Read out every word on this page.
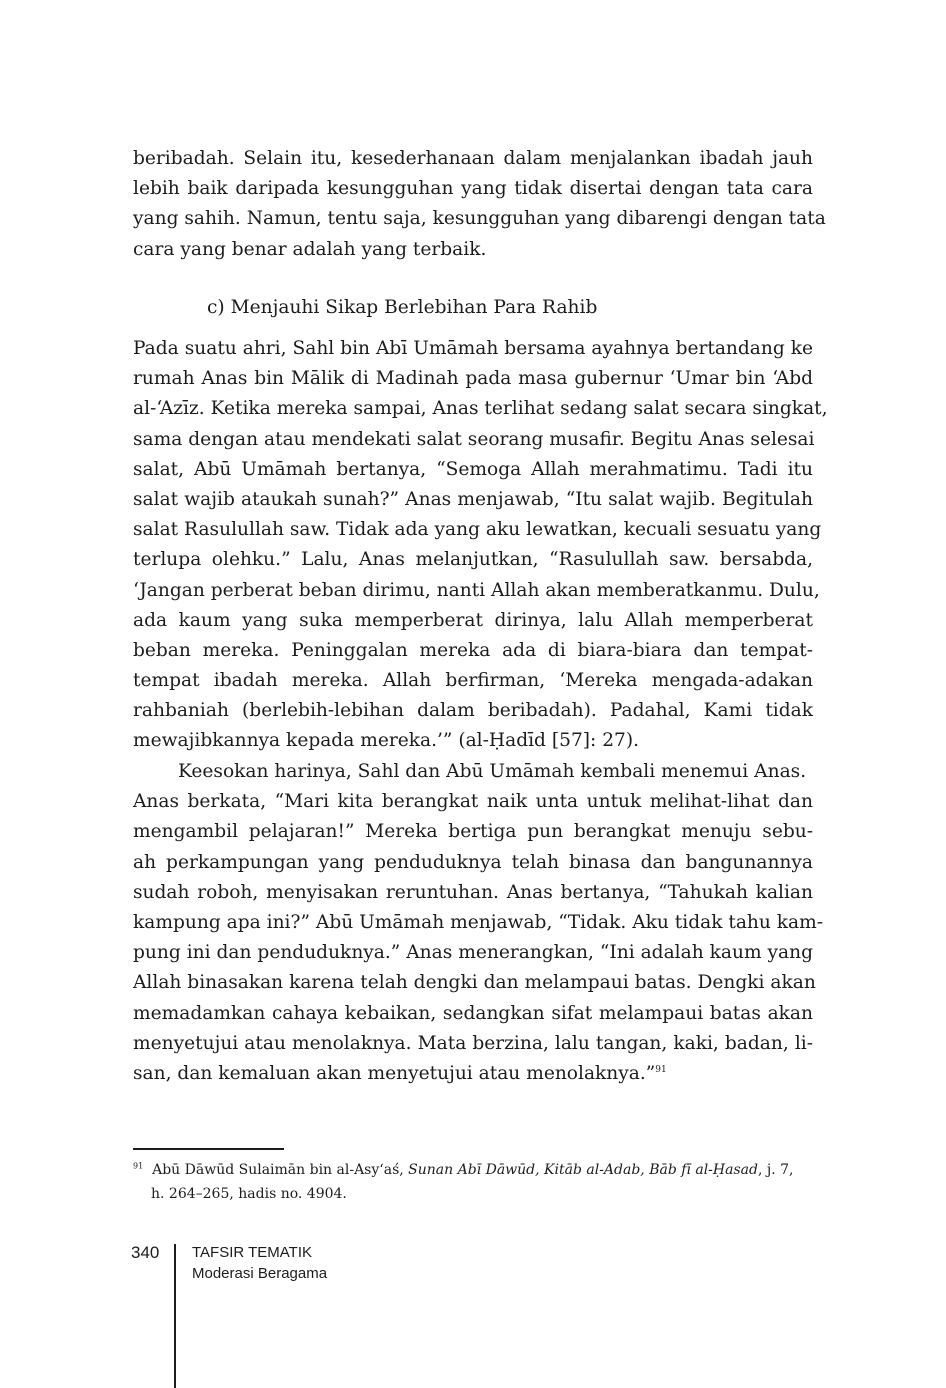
beribadah. Selain itu, kesederhanaan dalam menjalankan ibadah jauh
lebih baik daripada kesungguhan yang tidak disertai dengan tata cara
yang sahih. Namun, tentu saja, kesungguhan yang dibarengi dengan tata
cara yang benar adalah yang terbaik.
c) Menjauhi Sikap Berlebihan Para Rahib
Pada suatu ahri, Sahl bin Abī Umāmah bersama ayahnya bertandang ke
rumah Anas bin Mālik di Madinah pada masa gubernur ‘Umar bin ‘Abd
al-‘Azīz. Ketika mereka sampai, Anas terlihat sedang salat secara singkat,
sama dengan atau mendekati salat seorang musafir. Begitu Anas selesai
salat, Abū Umāmah bertanya, “Semoga Allah merahmatimu. Tadi itu
salat wajib ataukah sunah?” Anas menjawab, “Itu salat wajib. Begitulah
salat Rasulullah saw. Tidak ada yang aku lewatkan, kecuali sesuatu yang
terlupa olehku.” Lalu, Anas melanjutkan, “Rasulullah saw. bersabda,
‘Jangan perberat beban dirimu, nanti Allah akan memberatkanmu. Dulu,
ada kaum yang suka memperberat dirinya, lalu Allah memperberat
beban mereka. Peninggalan mereka ada di biara-biara dan tempat-
tempat ibadah mereka. Allah berfirman, ‘Mereka mengada-adakan
rahbaniah (berlebih-lebihan dalam beribadah). Padahal, Kami tidak
mewajibkannya kepada mereka.’” (al-Ḥadīd [57]: 27).
Keesokan harinya, Sahl dan Abū Umāmah kembali menemui Anas.
Anas berkata, “Mari kita berangkat naik unta untuk melihat-lihat dan
mengambil pelajaran!” Mereka bertiga pun berangkat menuju sebu-
ah perkampungan yang penduduknya telah binasa dan bangunannya
sudah roboh, menyisakan reruntuhan. Anas bertanya, “Tahukah kalian
kampung apa ini?” Abū Umāmah menjawab, “Tidak. Aku tidak tahu kam-
pung ini dan penduduknya.” Anas menerangkan, “Ini adalah kaum yang
Allah binasakan karena telah dengki dan melampaui batas. Dengki akan
memadamkan cahaya kebaikan, sedangkan sifat melampaui batas akan
menyetujui atau menolaknya. Mata berzina, lalu tangan, kaki, badan, li-
san, dan kemaluan akan menyetujui atau menolaknya.”$^{91}$
$^{91}$ Abū Dāwūd Sulaimān bin al-Asy‘aś, Sunan Abī Dāwūd, Kitāb al-Adab, Bāb fī al-Ḥasad, j. 7,
h. 264–265, hadis no. 4904.
340 TAFSIR TEMATIK
Moderasi Beragama
